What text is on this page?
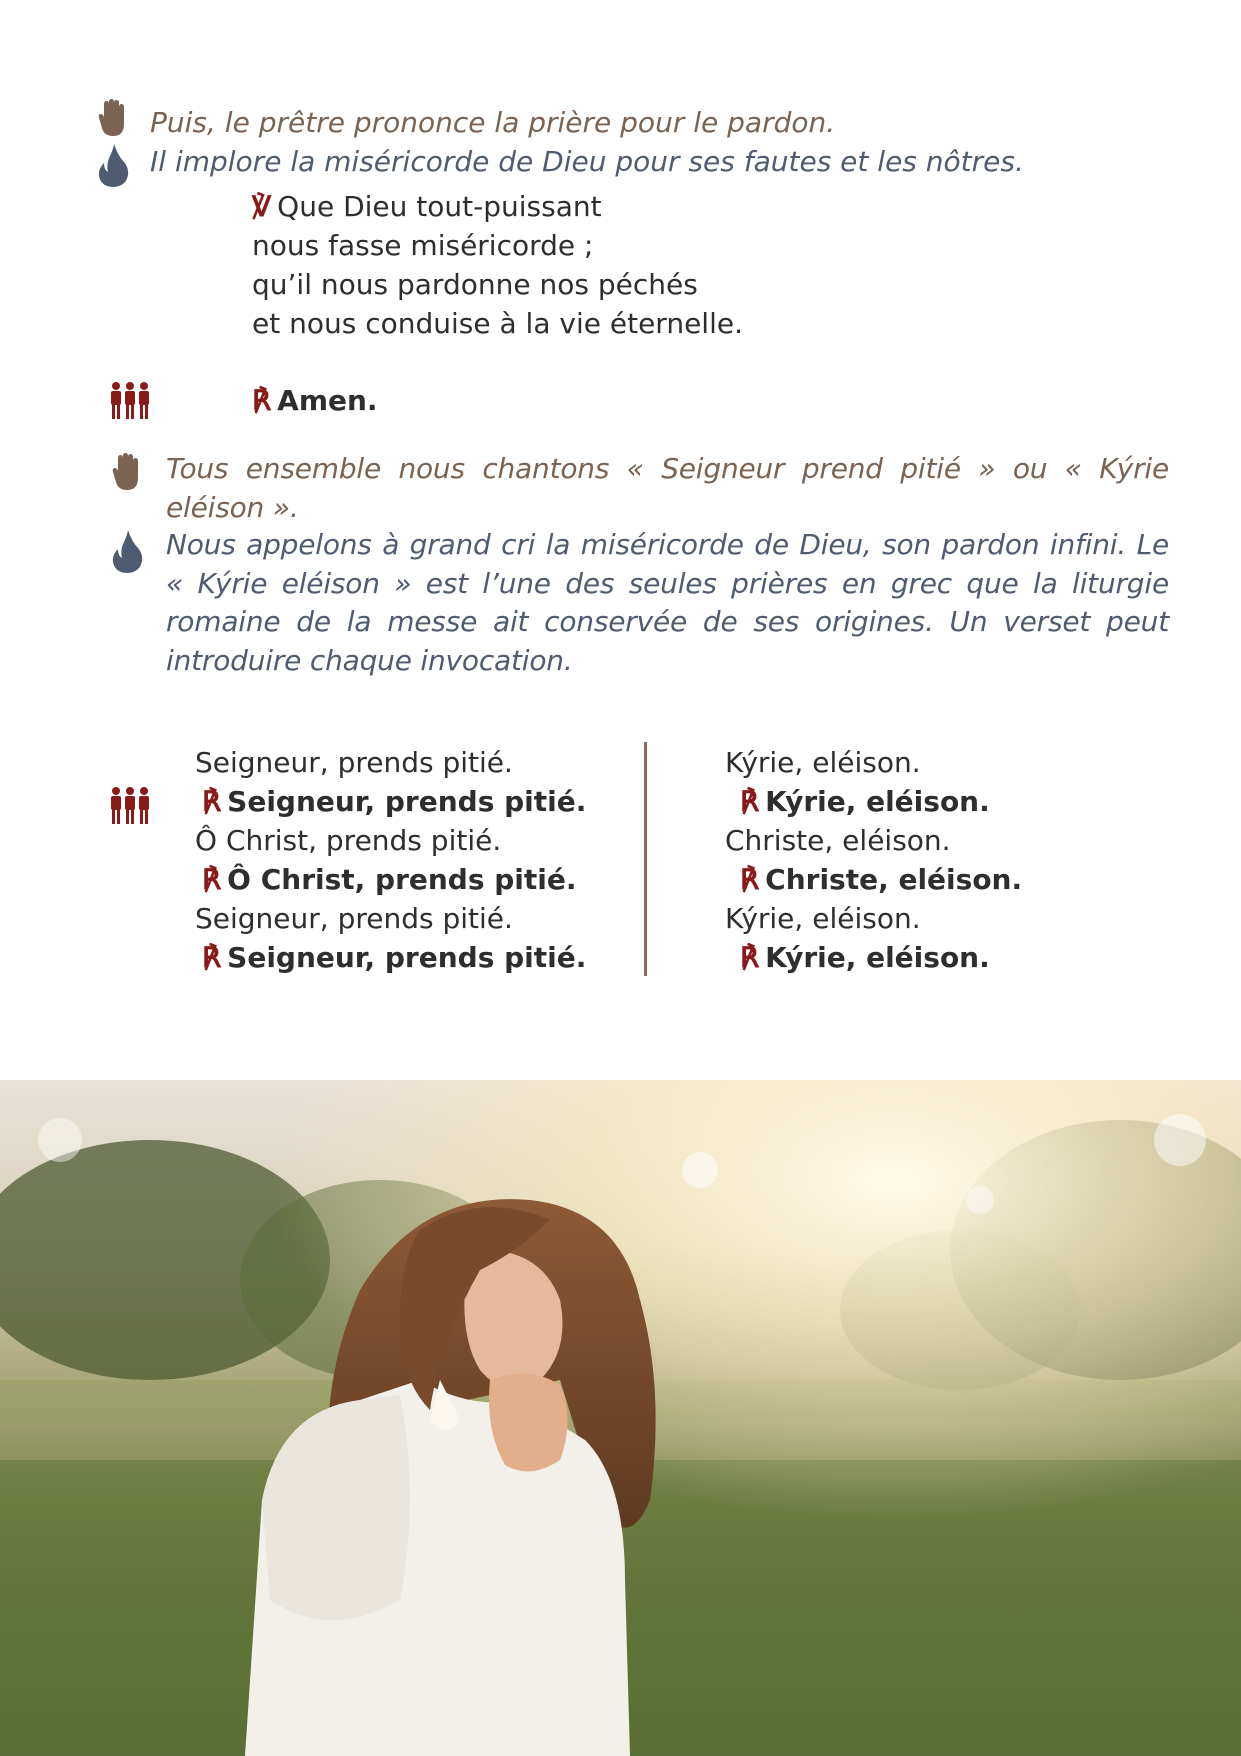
Puis, le prêtre prononce la prière pour le pardon.
Il implore la miséricorde de Dieu pour ses fautes et les nôtres.
℣ Que Dieu tout-puissant
nous fasse miséricorde ;
qu’il nous pardonne nos péchés
et nous conduise à la vie éternelle.
℟ Amen.
Tous ensemble nous chantons « Seigneur prend pitié » ou « Kýrie eléison ».
Nous appelons à grand cri la miséricorde de Dieu, son pardon infini. Le « Kýrie eléison » est l’une des seules prières en grec que la liturgie romaine de la messe ait conservée de ses origines. Un verset peut introduire chaque invocation.
Seigneur, prends pitié.
℟ Seigneur, prends pitié.
Ô Christ, prends pitié.
℟ Ô Christ, prends pitié.
Seigneur, prends pitié.
℟ Seigneur, prends pitié.
Kýrie, eléison.
℟ Kýrie, eléison.
Christe, eléison.
℟ Christe, eléison.
Kýrie, eléison.
℟ Kýrie, eléison.
